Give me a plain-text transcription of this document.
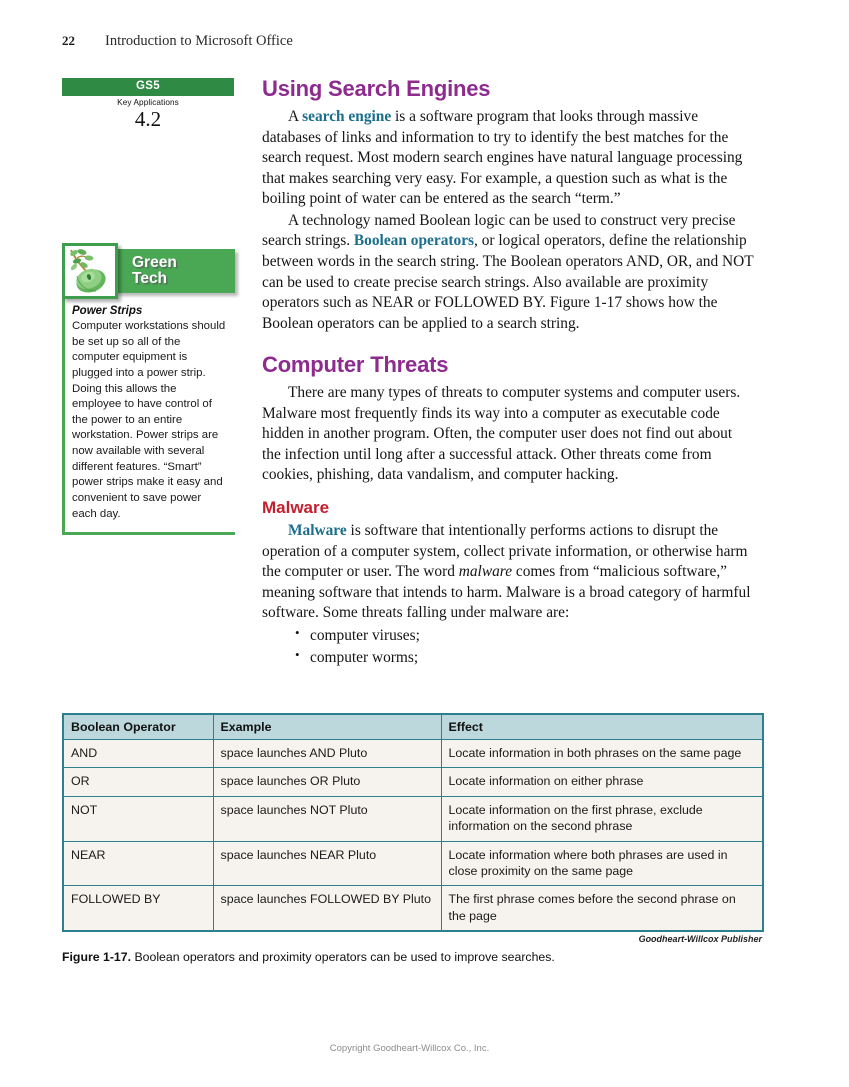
22 Introduction to Microsoft Office
GS5
Key Applications
4.2
Green
Tech
Power Strips
Computer workstations should be set up so all of the computer equipment is plugged into a power strip. Doing this allows the employee to have control of the power to an entire workstation. Power strips are now available with several different features. “Smart” power strips make it easy and convenient to save power each day.
Using Search Engines

A search engine is a software program that looks through massive databases of links and information to try to identify the best matches for the search request. Most modern search engines have natural language processing that makes searching very easy. For example, a question such as what is the boiling point of water can be entered as the search “term.”

A technology named Boolean logic can be used to construct very precise search strings. Boolean operators, or logical operators, define the relationship between words in the search string. The Boolean operators AND, OR, and NOT can be used to create precise search strings. Also available are proximity operators such as NEAR or FOLLOWED BY. Figure 1-17 shows how the Boolean operators can be applied to a search string.

Computer Threats

There are many types of threats to computer systems and computer users. Malware most frequently finds its way into a computer as executable code hidden in another program. Often, the computer user does not find out about the infection until long after a successful attack. Other threats come from cookies, phishing, data vandalism, and computer hacking.

Malware

Malware is software that intentionally performs actions to disrupt the operation of a computer system, collect private information, or otherwise harm the computer or user. The word malware comes from “malicious software,” meaning software that intends to harm. Malware is a broad category of harmful software. Some threats falling under malware are:

• computer viruses;
• computer worms;
Boolean Operator	Example	Effect
AND	space launches AND Pluto	Locate information in both phrases on the same page
OR	space launches OR Pluto	Locate information on either phrase
NOT	space launches NOT Pluto	Locate information on the first phrase, exclude information on the second phrase
NEAR	space launches NEAR Pluto	Locate information where both phrases are used in close proximity on the same page
FOLLOWED BY	space launches FOLLOWED BY Pluto	The first phrase comes before the second phrase on the page
Goodheart-Willcox Publisher
Figure 1-17. Boolean operators and proximity operators can be used to improve searches.
Copyright Goodheart-Willcox Co., Inc.
